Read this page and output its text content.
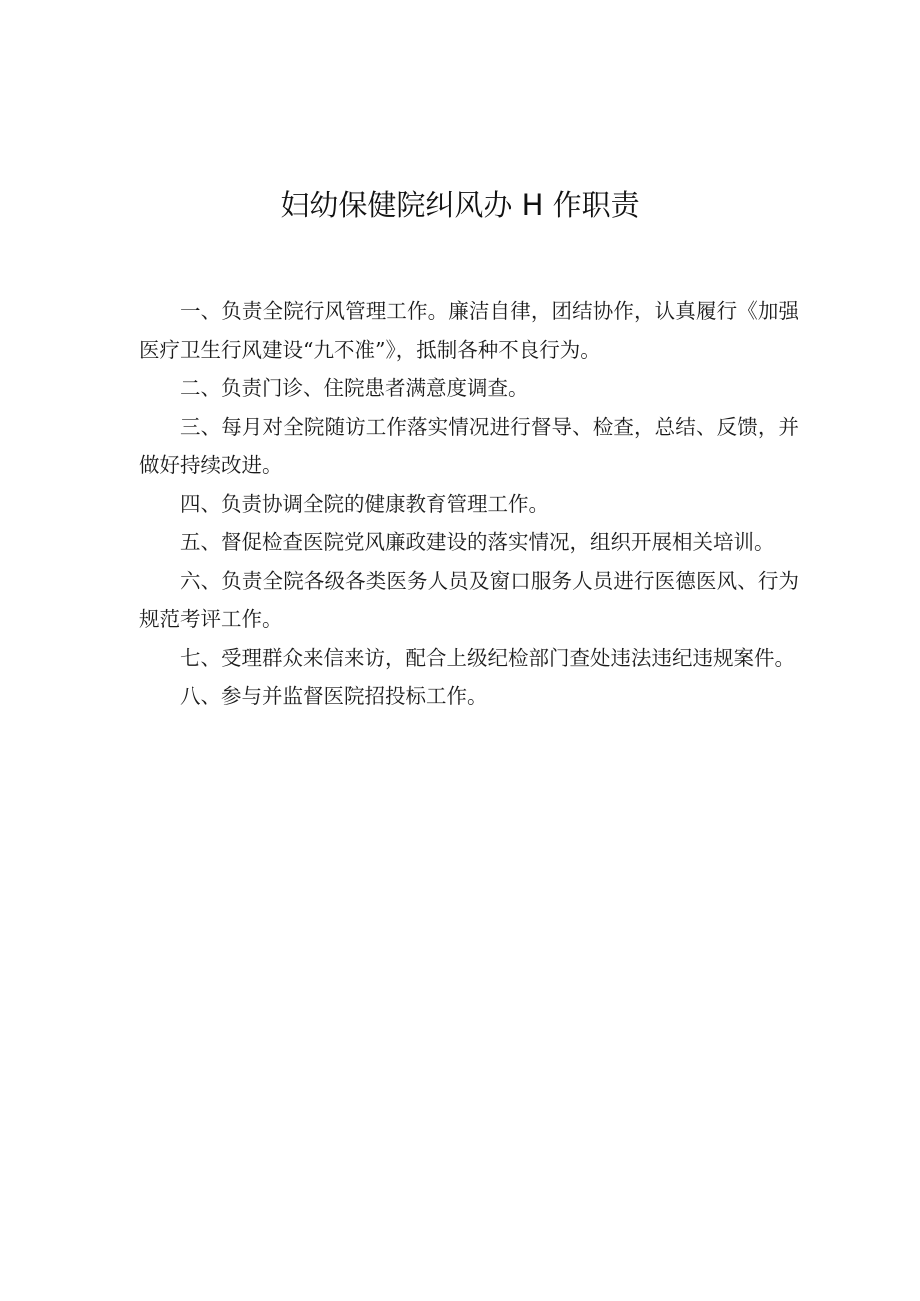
妇幼保健院纠风办 H 作职责

一、负责全院行风管理工作。廉洁自律，团结协作，认真履行《加强医疗卫生行风建设“九不准”》，抵制各种不良行为。

二、负责门诊、住院患者满意度调查。

三、每月对全院随访工作落实情况进行督导、检查，总结、反馈，并做好持续改进。

四、负责协调全院的健康教育管理工作。

五、督促检查医院党风廉政建设的落实情况，组织开展相关培训。

六、负责全院各级各类医务人员及窗口服务人员进行医德医风、行为规范考评工作。

七、受理群众来信来访，配合上级纪检部门查处违法违纪违规案件。

八、参与并监督医院招投标工作。
